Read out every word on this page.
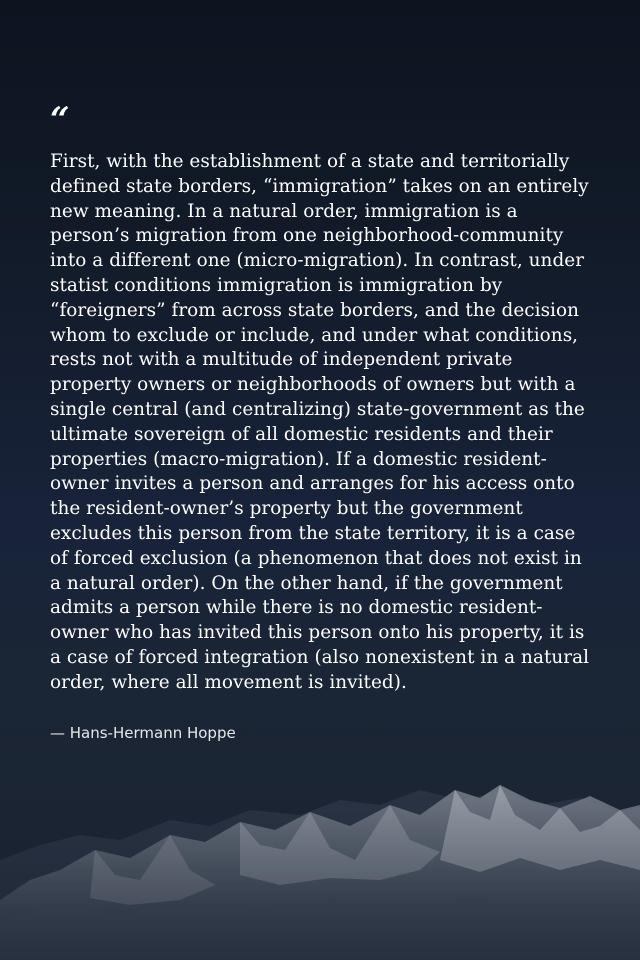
“

First, with the establishment of a state and territorially defined state borders, “immigration” takes on an entirely new meaning. In a natural order, immigration is a person’s migration from one neighborhood-community into a different one (micro-migration). In contrast, under statist conditions immigration is immigration by “foreigners” from across state borders, and the decision whom to exclude or include, and under what conditions, rests not with a multitude of independent private property owners or neighborhoods of owners but with a single central (and centralizing) state-government as the ultimate sovereign of all domestic residents and their properties (macro-migration). If a domestic resident-owner invites a person and arranges for his access onto the resident-owner’s property but the government excludes this person from the state territory, it is a case of forced exclusion (a phenomenon that does not exist in a natural order). On the other hand, if the government admits a person while there is no domestic resident-owner who has invited this person onto his property, it is a case of forced integration (also nonexistent in a natural order, where all movement is invited).

— Hans-Hermann Hoppe
